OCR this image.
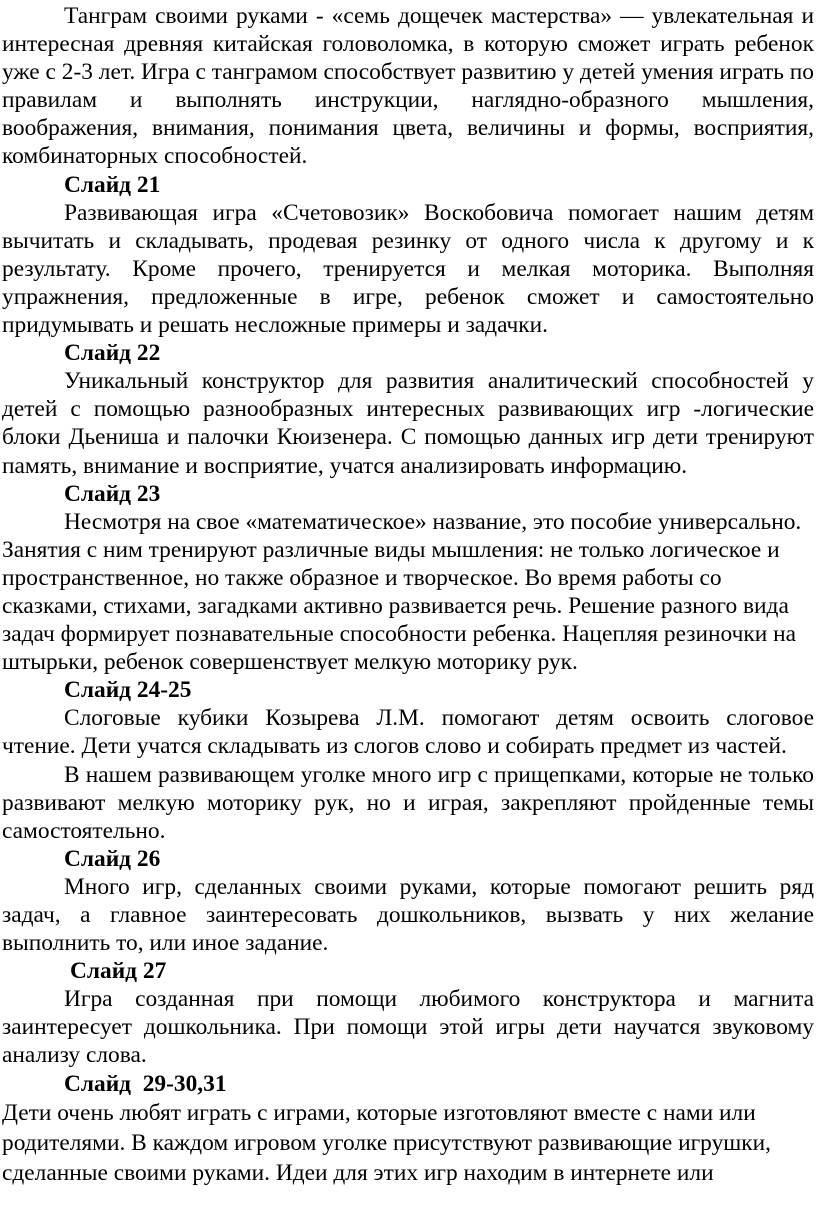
Танграм своими руками - «семь дощечек мастерства» — увлекательная и интересная древняя китайская головоломка, в которую сможет играть ребенок уже с 2-3 лет. Игра с танграмом способствует развитию у детей умения играть по правилам и выполнять инструкции, наглядно-образного мышления, воображения, внимания, понимания цвета, величины и формы, восприятия, комбинаторных способностей.

Слайд 21

Развивающая игра «Счетовозик» Воскобовича помогает нашим детям вычитать и складывать, продевая резинку от одного числа к другому и к результату. Кроме прочего, тренируется и мелкая моторика. Выполняя упражнения, предложенные в игре, ребенок сможет и самостоятельно придумывать и решать несложные примеры и задачки.

Слайд 22

Уникальный конструктор для развития аналитический способностей у детей с помощью разнообразных интересных развивающих игр -логические блоки Дьениша и палочки Кюизенера. С помощью данных игр дети тренируют память, внимание и восприятие, учатся анализировать информацию.

Слайд 23

Несмотря на свое «математическое» название, это пособие универсально. Занятия с ним тренируют различные виды мышления: не только логическое и пространственное, но также образное и творческое. Во время работы со сказками, стихами, загадками активно развивается речь. Решение разного вида задач формирует познавательные способности ребенка. Нацепляя резиночки на штырьки, ребенок совершенствует мелкую моторику рук.

Слайд 24-25

Слоговые кубики Козырева Л.М. помогают детям освоить слоговое чтение. Дети учатся складывать из слогов слово и собирать предмет из частей.

В нашем развивающем уголке много игр с прищепками, которые не только развивают мелкую моторику рук, но и играя, закрепляют пройденные темы самостоятельно.

Слайд 26

Много игр, сделанных своими руками, которые помогают решить ряд задач, а главное заинтересовать дошкольников, вызвать у них желание выполнить то, или иное задание.

Слайд 27

Игра созданная при помощи любимого конструктора и магнита заинтересует дошкольника. При помощи этой игры дети научатся звуковому анализу слова.

Слайд  29-30,31

Дети очень любят играть с играми, которые изготовляют вместе с нами или родителями. В каждом игровом уголке присутствуют развивающие игрушки, сделанные своими руками. Идеи для этих игр находим в интернете или
